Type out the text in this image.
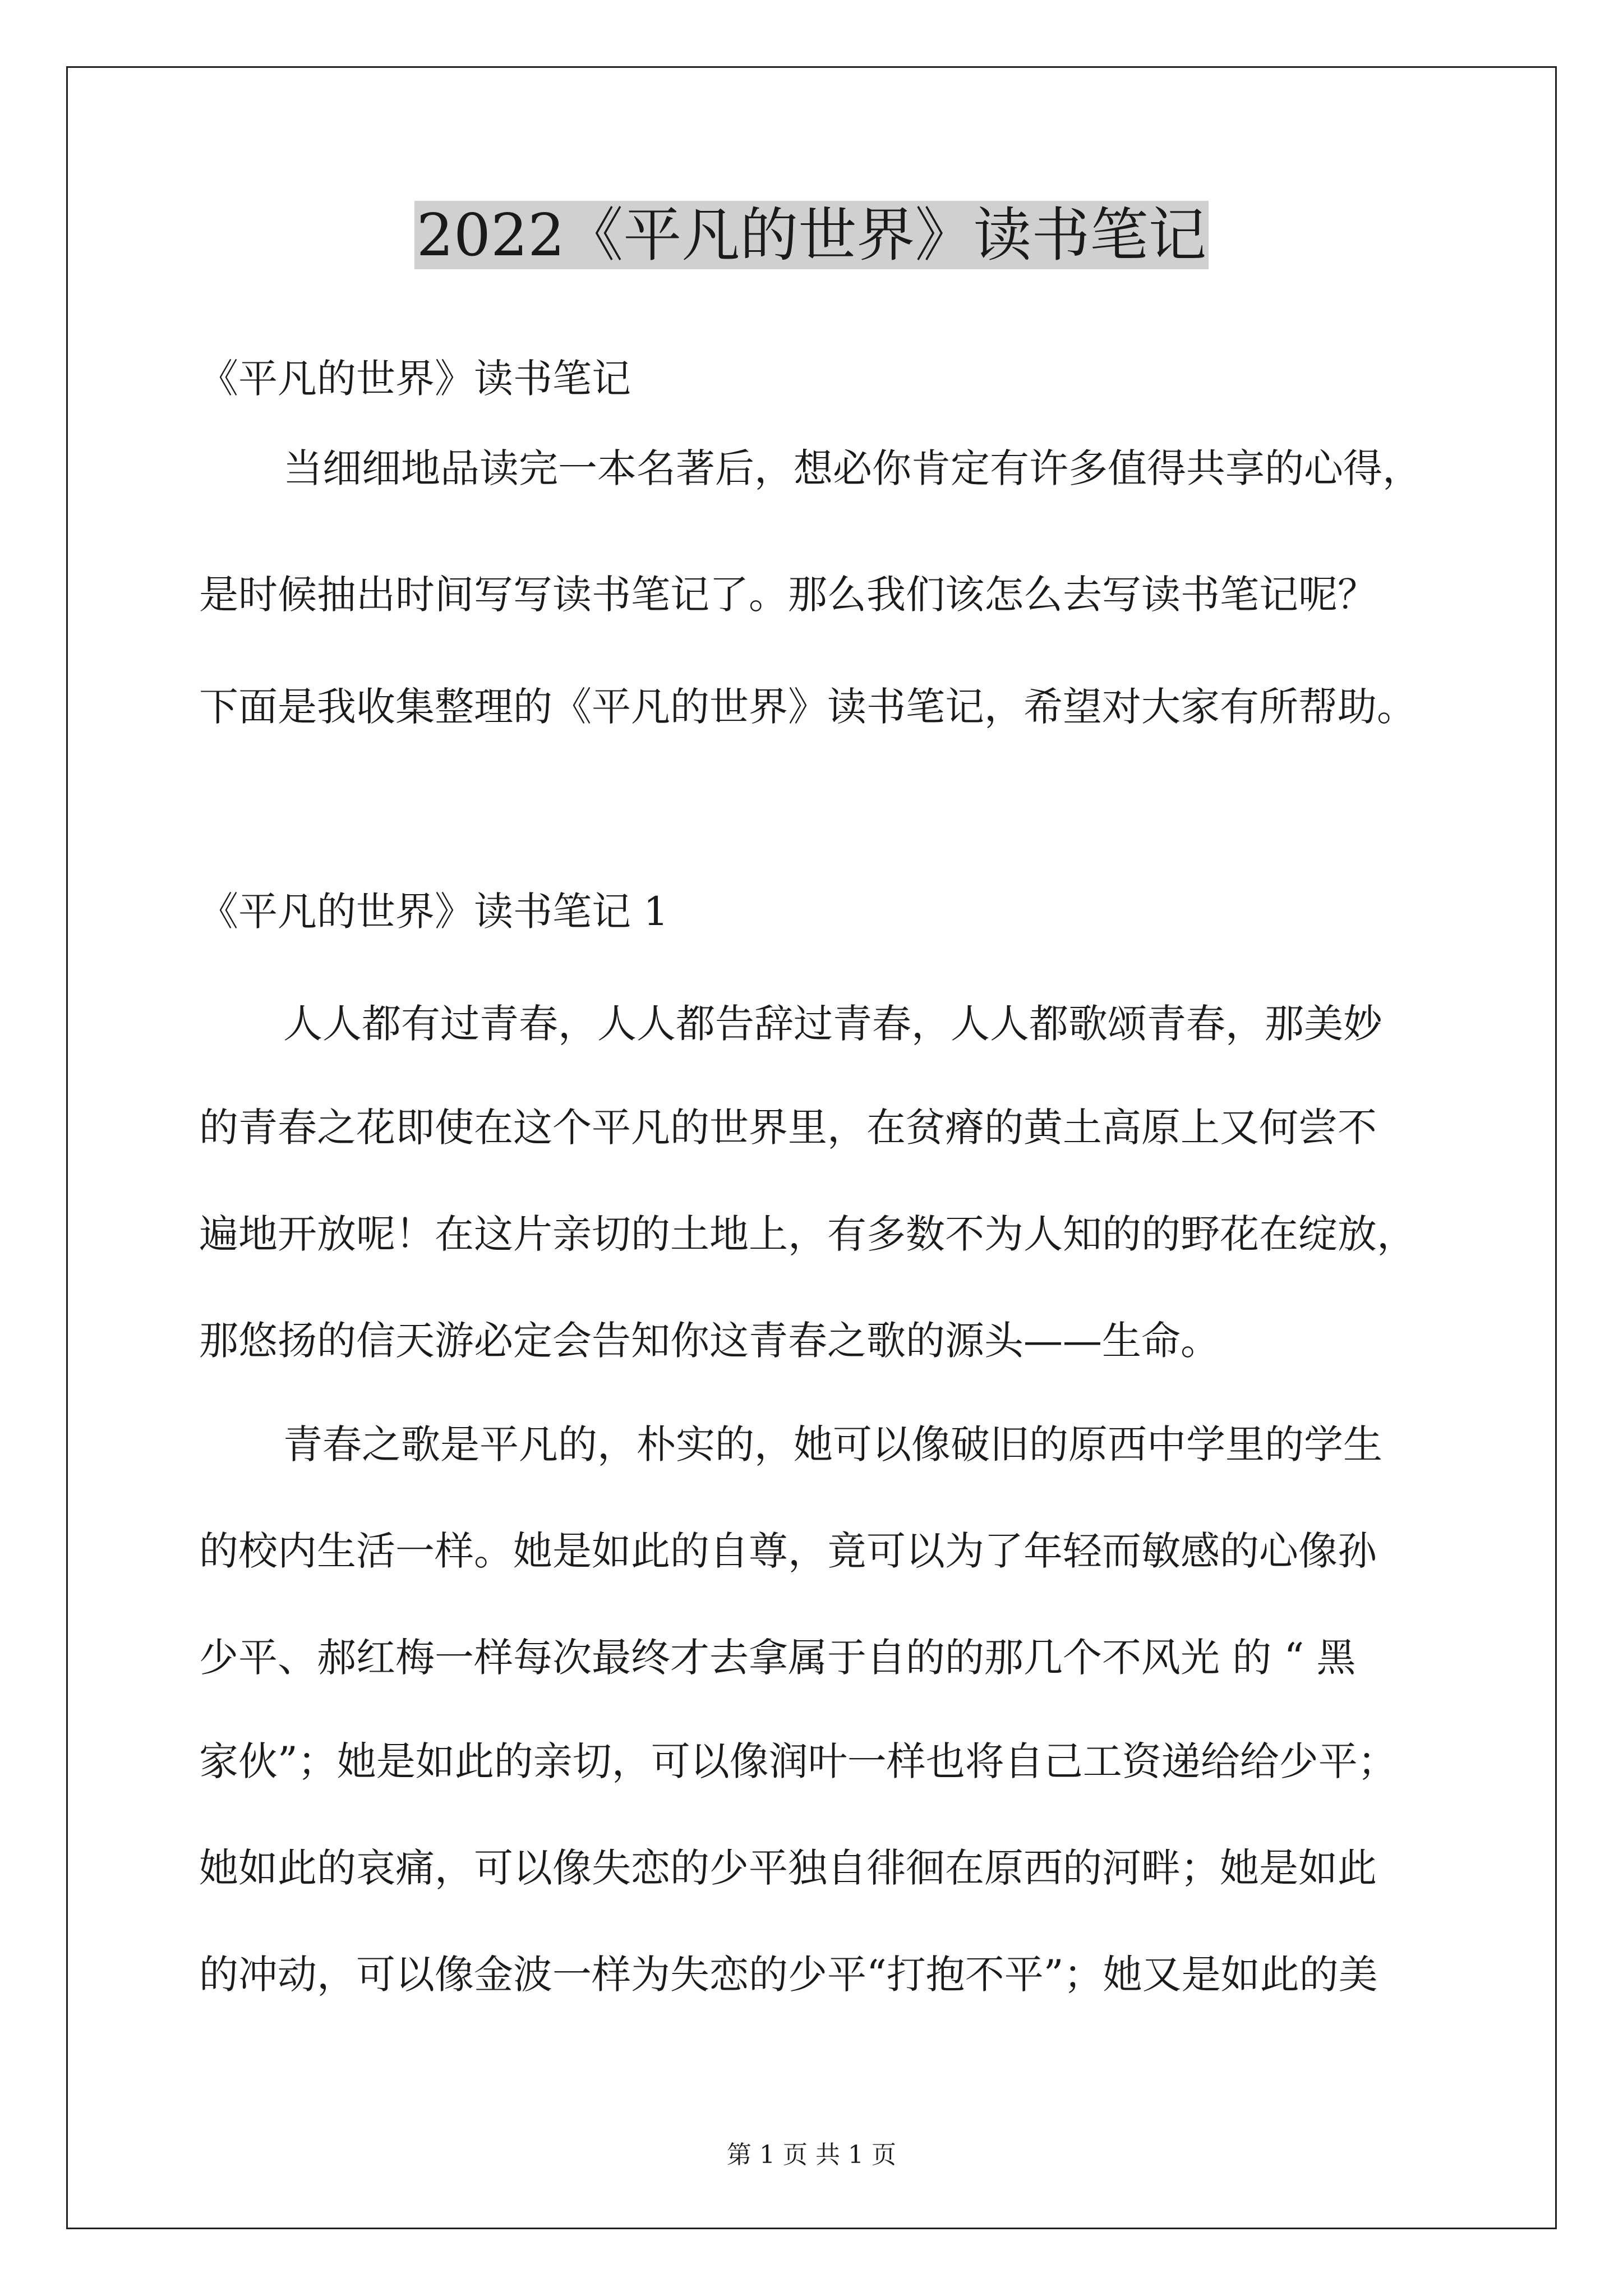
2022《平凡的世界》读书笔记
《平凡的世界》读书笔记
当细细地品读完一本名著后，想必你肯定有许多值得共享的心得，
是时候抽出时间写写读书笔记了。那么我们该怎么去写读书笔记呢？
下面是我收集整理的《平凡的世界》读书笔记，希望对大家有所帮助。
《平凡的世界》读书笔记 1
人人都有过青春，人人都告辞过青春，人人都歌颂青春，那美妙
的青春之花即使在这个平凡的世界里，在贫瘠的黄土高原上又何尝不
遍地开放呢！在这片亲切的土地上，有多数不为人知的的野花在绽放，
那悠扬的信天游必定会告知你这青春之歌的源头——生命。
青春之歌是平凡的，朴实的，她可以像破旧的原西中学里的学生
的校内生活一样。她是如此的自尊，竟可以为了年轻而敏感的心像孙
少平、郝红梅一样每次最终才去拿属于自的的那几个不风光 的 “ 黑
家伙”；她是如此的亲切，可以像润叶一样也将自己工资递给给少平；
她如此的哀痛，可以像失恋的少平独自徘徊在原西的河畔；她是如此
的冲动，可以像金波一样为失恋的少平“打抱不平”；她又是如此的美
第 1 页 共 1 页
